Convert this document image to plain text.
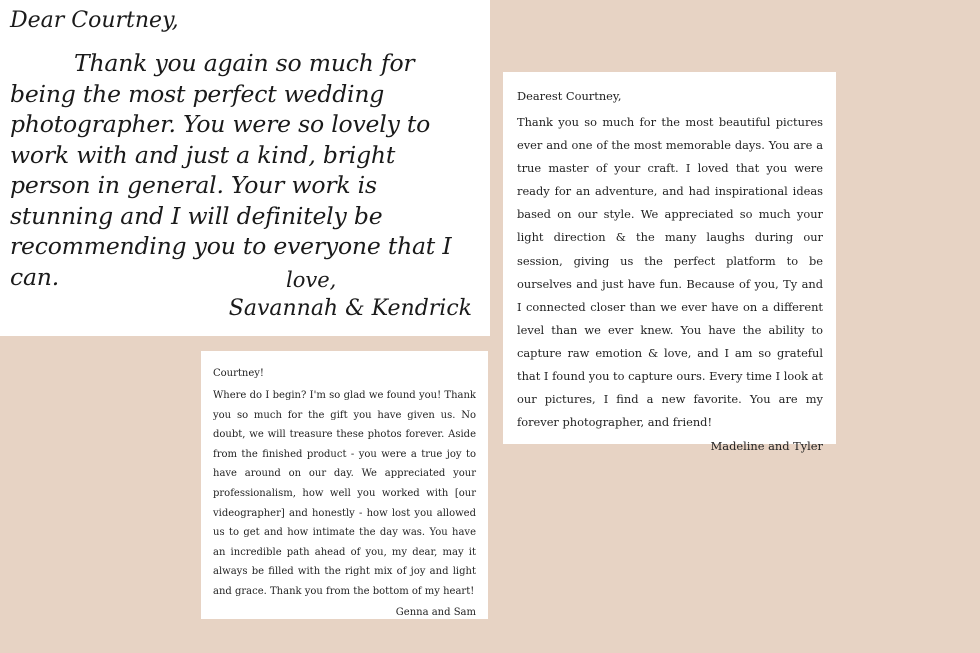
Dear Courtney,

Thank you again so much for being the most perfect wedding photographer. You were so lovely to work with and just a kind, bright person in general. Your work is stunning and I will definitely be recommending you to everyone that I can.	love,

Savannah & Kendrick

Dearest Courtney,

Thank you so much for the most beautiful pictures ever and one of the most memorable days. You are a true master of your craft. I loved that you were ready for an adventure, and had inspirational ideas based on our style. We appreciated so much your light direction & the many laughs during our session, giving us the perfect platform to be ourselves and just have fun. Because of you, Ty and I connected closer than we ever have on a different level than we ever knew. You have the ability to capture raw emotion & love, and I am so grateful that I found you to capture ours. Every time I look at our pictures, I find a new favorite. You are my forever photographer, and friend!

Madeline and Tyler

Courtney!

Where do I begin? I'm so glad we found you! Thank you so much for the gift you have given us. No doubt, we will treasure these photos forever. Aside from the finished product - you were a true joy to have around on our day. We appreciated your professionalism, how well you worked with [our videographer] and honestly - how lost you allowed us to get and how intimate the day was. You have an incredible path ahead of you, my dear, may it always be filled with the right mix of joy and light and grace. Thank you from the bottom of my heart!

Genna and Sam
